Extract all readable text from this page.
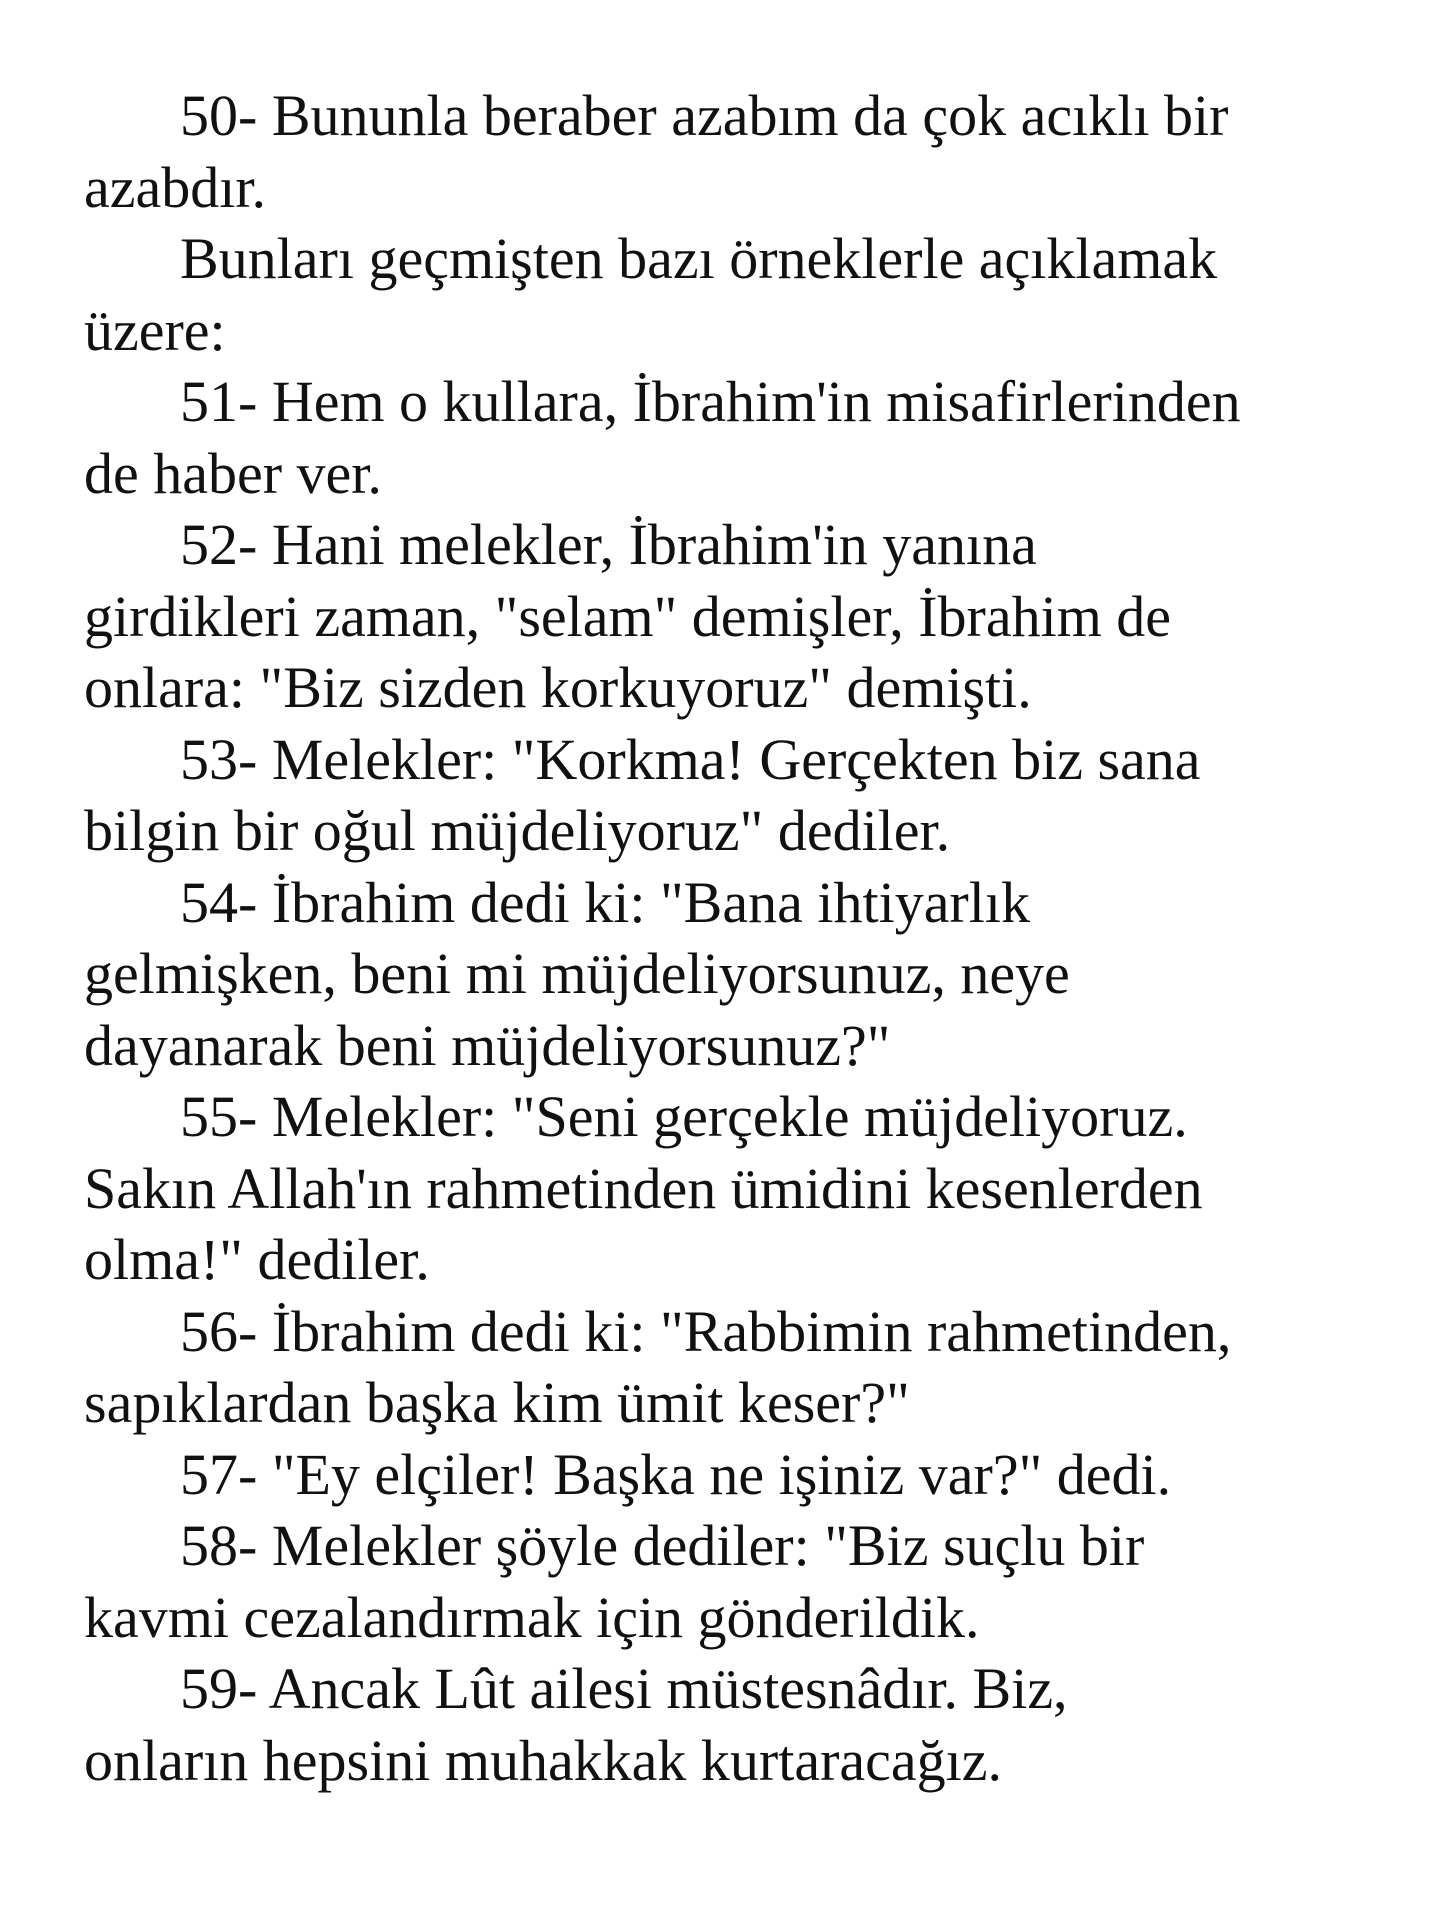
50- Bununla beraber azabım da çok acıklı bir
azabdır.
Bunları geçmişten bazı örneklerle açıklamak
üzere:
51- Hem o kullara, İbrahim'in misafirlerinden
de haber ver.
52- Hani melekler, İbrahim'in yanına
girdikleri zaman, "selam" demişler, İbrahim de
onlara: "Biz sizden korkuyoruz" demişti.
53- Melekler: "Korkma! Gerçekten biz sana
bilgin bir oğul müjdeliyoruz" dediler.
54- İbrahim dedi ki: "Bana ihtiyarlık
gelmişken, beni mi müjdeliyorsunuz, neye
dayanarak beni müjdeliyorsunuz?"
55- Melekler: "Seni gerçekle müjdeliyoruz.
Sakın Allah'ın rahmetinden ümidini kesenlerden
olma!" dediler.
56- İbrahim dedi ki: "Rabbimin rahmetinden,
sapıklardan başka kim ümit keser?"
57- "Ey elçiler! Başka ne işiniz var?" dedi.
58- Melekler şöyle dediler: "Biz suçlu bir
kavmi cezalandırmak için gönderildik.
59- Ancak Lût ailesi müstesnâdır. Biz,
onların hepsini muhakkak kurtaracağız.
